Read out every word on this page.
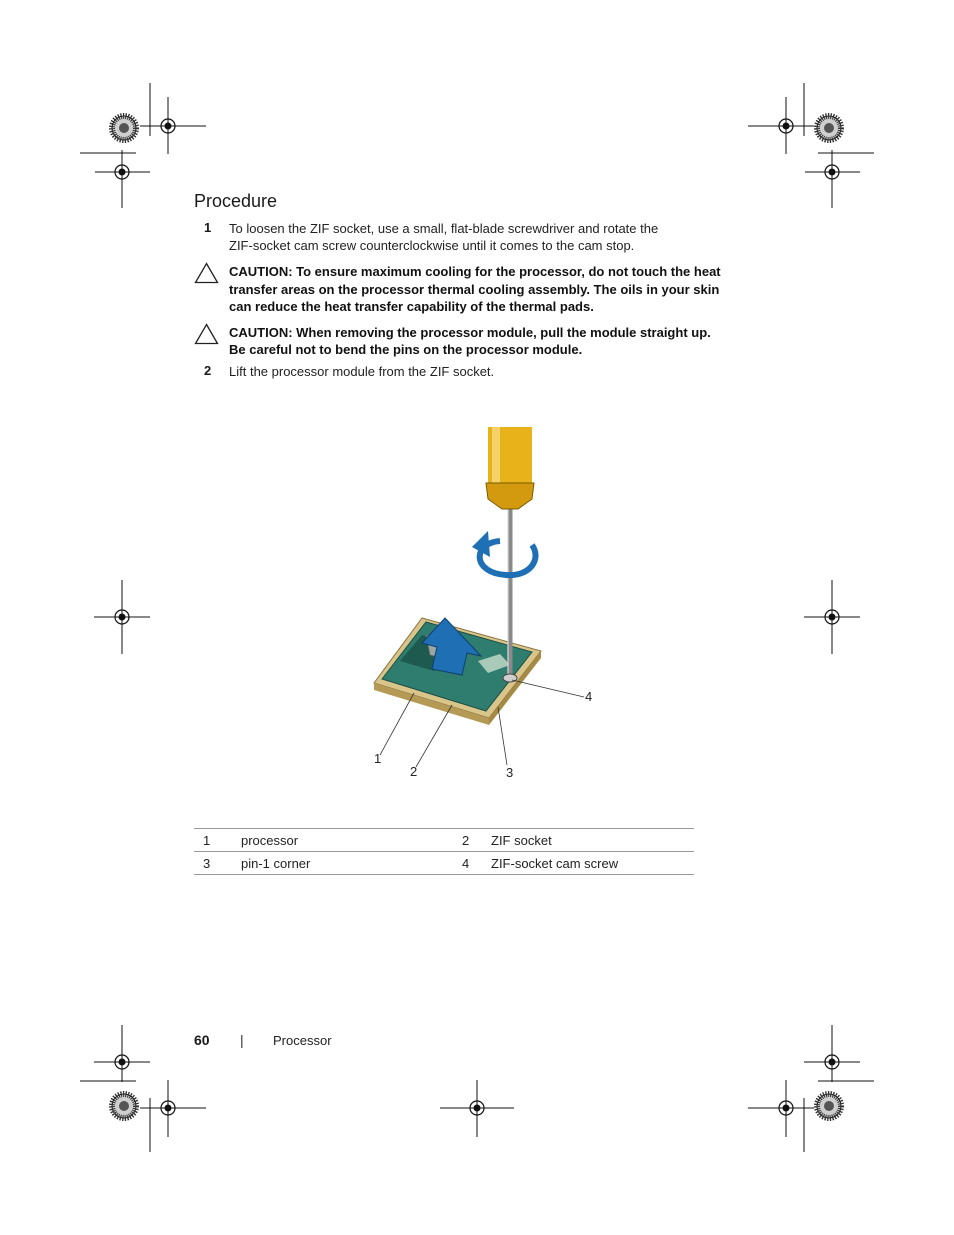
Procedure
1 To loosen the ZIF socket, use a small, flat-blade screwdriver and rotate the
ZIF-socket cam screw counterclockwise until it comes to the cam stop.
CAUTION: To ensure maximum cooling for the processor, do not touch the heat
transfer areas on the processor thermal cooling assembly. The oils in your skin
can reduce the heat transfer capability of the thermal pads.
CAUTION: When removing the processor module, pull the module straight up.
Be careful not to bend the pins on the processor module.
2 Lift the processor module from the ZIF socket.
1
2	3
4
1	processor	2	ZIF socket
3	pin-1 corner	4	ZIF-socket cam screw
60 | Processor
